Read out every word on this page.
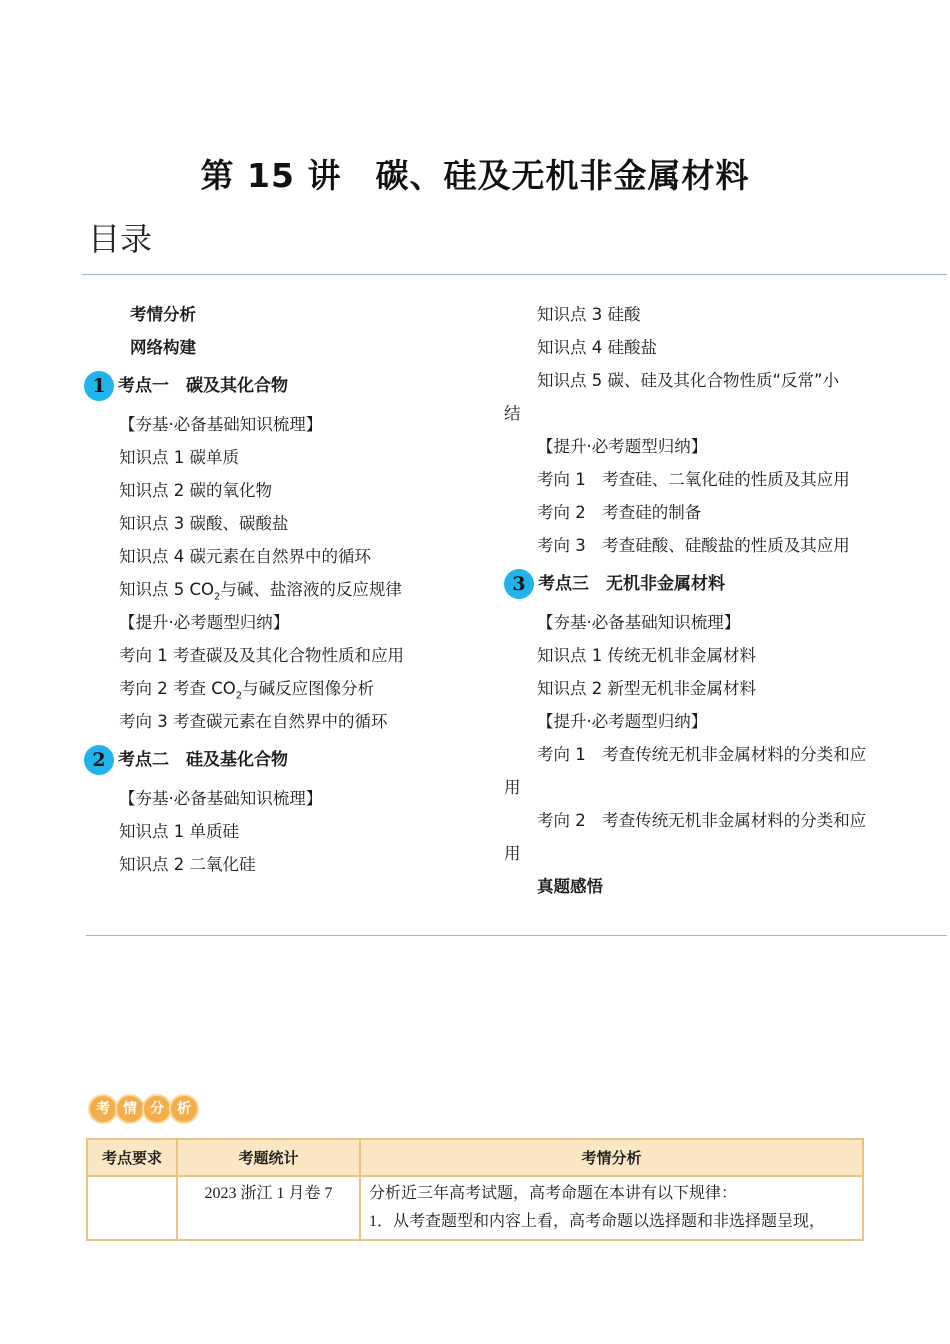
第 15 讲　碳、硅及无机非金属材料
目录
考情分析
网络构建
1 考点一　碳及其化合物
【夯基·必备基础知识梳理】
知识点 1 碳单质
知识点 2 碳的氧化物
知识点 3 碳酸、碳酸盐
知识点 4 碳元素在自然界中的循环
知识点 5 $CO_2$与碱、盐溶液的反应规律
【提升·必考题型归纳】
考向 1 考查碳及及其化合物性质和应用
考向 2 考查 $CO_2$与碱反应图像分析
考向 3 考查碳元素在自然界中的循环
2 考点二　硅及基化合物
【夯基·必备基础知识梳理】
知识点 1 单质硅
知识点 2 二氧化硅
知识点 3 硅酸
知识点 4 硅酸盐
知识点 5 碳、硅及其化合物性质“反常”小
结
【提升·必考题型归纳】
考向 1　考查硅、二氧化硅的性质及其应用
考向 2　考查硅的制备
考向 3　考查硅酸、硅酸盐的性质及其应用
3 考点三　无机非金属材料
【夯基·必备基础知识梳理】
知识点 1 传统无机非金属材料
知识点 2 新型无机非金属材料
【提升·必考题型归纳】
考向 1　考查传统无机非金属材料的分类和应
用
考向 2　考查传统无机非金属材料的分类和应
用
真题感悟
考 情 分 析
考点要求	考题统计	考情分析
	2023 浙江 1 月卷 7	分析近三年高考试题，高考命题在本讲有以下规律：
1．从考查题型和内容上看，高考命题以选择题和非选择题呈现，
